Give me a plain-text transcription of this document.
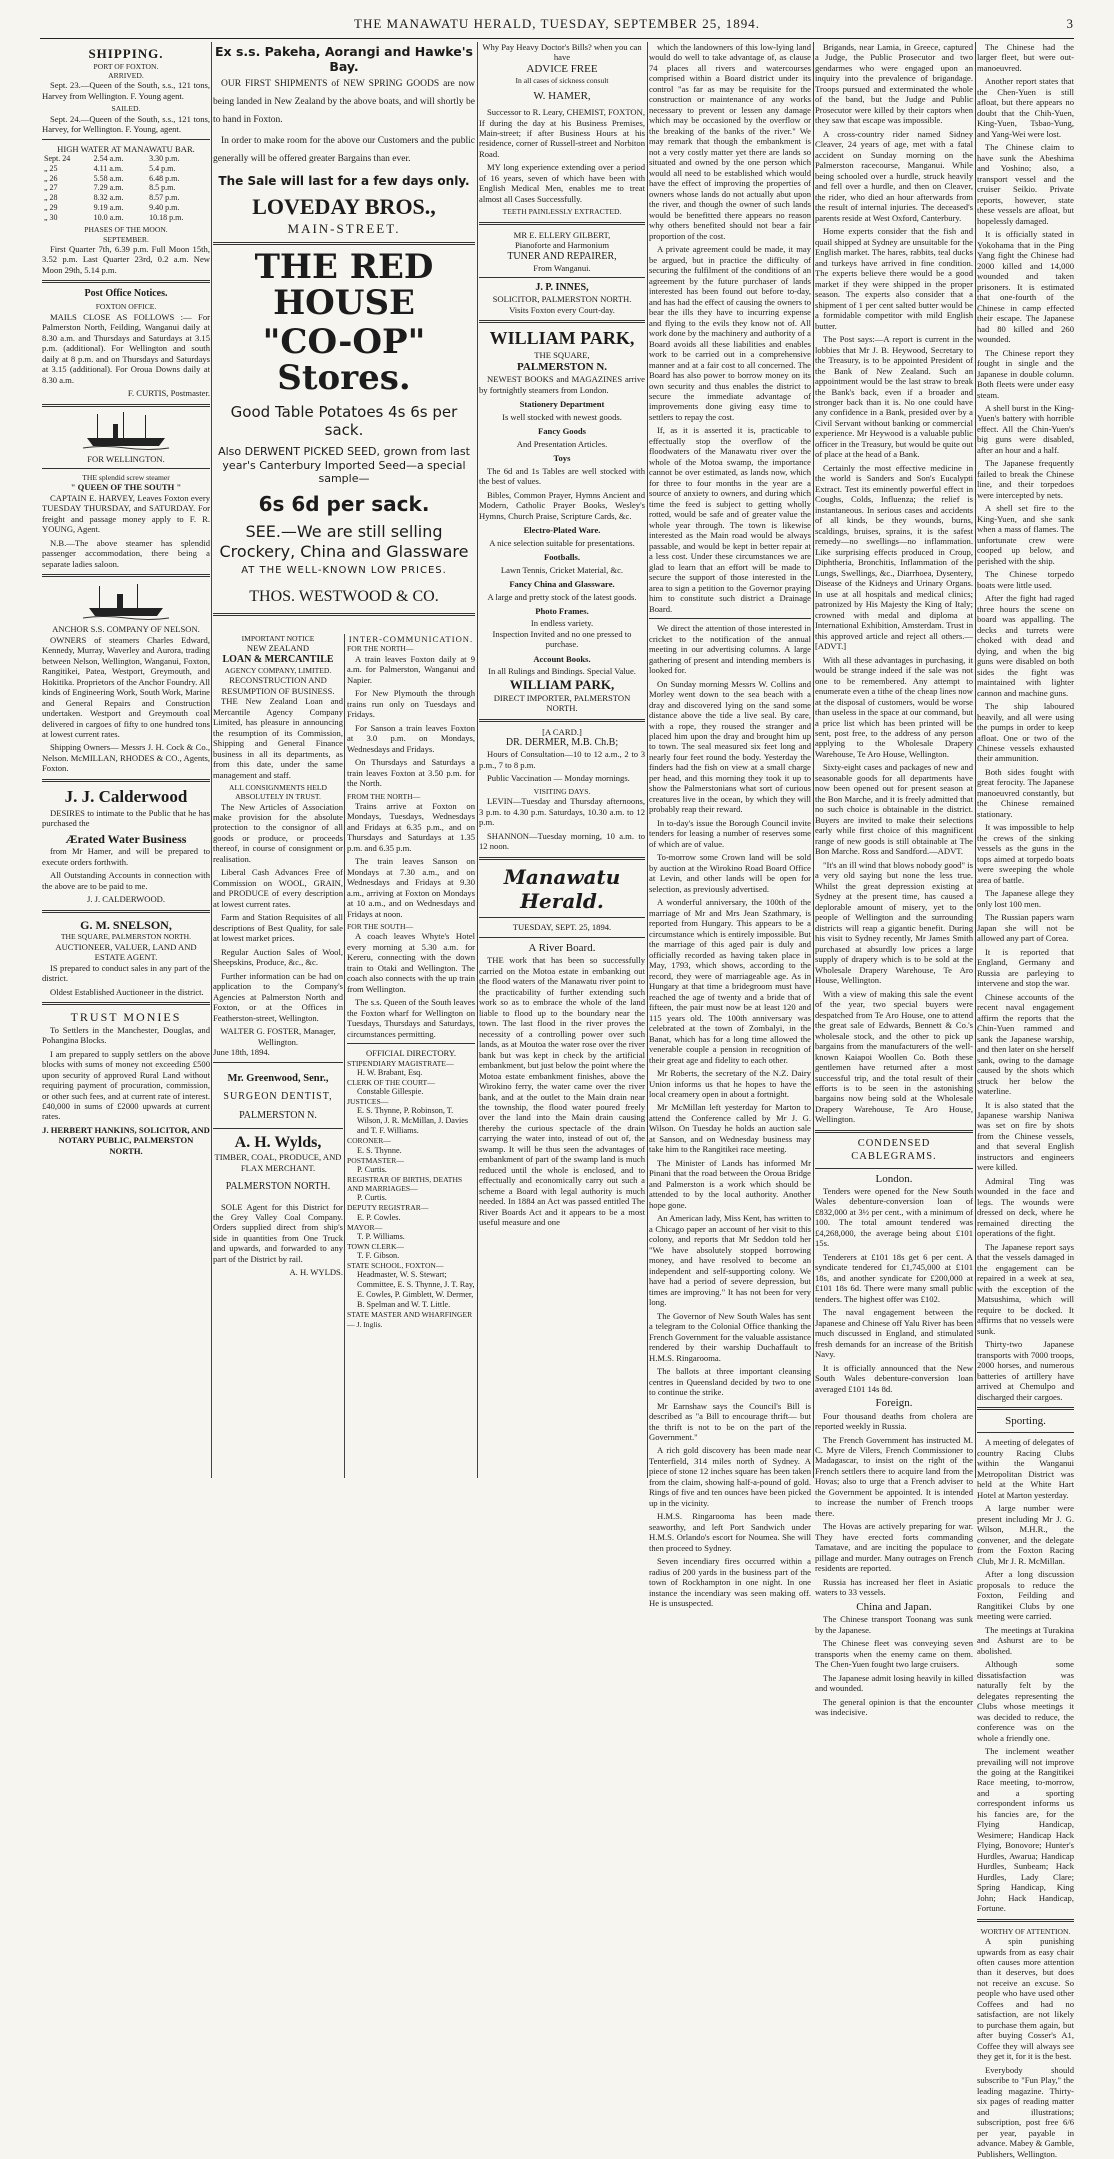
THE MANAWATU HERALD, TUESDAY, SEPTEMBER 25, 1894.	3
SHIPPING.
PORT OF FOXTON.
ARRIVED.

Sept. 23.—Queen of the South, s.s., 121 tons, Harvey from Wellington. F. Young agent.

SAILED.

Sept. 24.—Queen of the South, s.s., 121 tons, Harvey, for Wellington. F. Young, agent.

HIGH WATER AT MANAWATU BAR.
Sept. 24	2.54 a.m.	3.30 p.m.
„ 25	4.11 a.m.	5.4 p.m.
„ 26	5.58 a.m.	6.48 p.m.
„ 27	7.29 a.m.	8.5 p.m.
„ 28	8.32 a.m.	8.57 p.m.
„ 29	9.19 a.m.	9.40 p.m.
„ 30	10.0 a.m.	10.18 p.m.
PHASES OF THE MOON.
SEPTEMBER.

First Quarter 7th, 6.39 p.m. Full Moon 15th, 3.52 p.m. Last Quarter 23rd, 0.2 a.m. New Moon 29th, 5.14 p.m.

Post Office Notices.
FOXTON OFFICE.

MAILS CLOSE AS FOLLOWS :— For Palmerston North, Feilding, Wanganui daily at 8.30 a.m. and Thursdays and Saturdays at 3.15 p.m. (additional). For Wellington and south daily at 8 p.m. and on Thursdays and Saturdays at 3.15 (additional). For Oroua Downs daily at 8.30 a.m.

F. CURTIS, Postmaster.
FOR WELLINGTON.
THE splendid screw steamer
" QUEEN OF THE SOUTH "

CAPTAIN E. HARVEY, Leaves Foxton every TUESDAY THURSDAY, and SATURDAY. For freight and passage money apply to F. R. YOUNG, Agent.

N.B.—The above steamer has splendid passenger accommodation, there being a separate ladies saloon.

ANCHOR S.S. COMPANY OF NELSON.

OWNERS of steamers Charles Edward, Kennedy, Murray, Waverley and Aurora, trading between Nelson, Wellington, Wanganui, Foxton, Rangitikei, Patea, Westport, Greymouth, and Hokitika. Proprietors of the Anchor Foundry. All kinds of Engineering Work, South Work, Marine and General Repairs and Construction undertaken. Westport and Greymouth coal delivered in cargoes of fifty to one hundred tons at lowest current rates.

Shipping Owners— Messrs J. H. Cock & Co., Nelson. McMILLAN, RHODES & CO., Agents, Foxton.

J. J. Calderwood

DESIRES to intimate to the Public that he has purchased the

Ærated Water Business

from Mr Hamer, and will be prepared to execute orders forthwith.

All Outstanding Accounts in connection with the above are to be paid to me.

J. J. CALDERWOOD.
G. M. SNELSON,
THE SQUARE, PALMERSTON NORTH.
AUCTIONEER, VALUER, LAND AND ESTATE AGENT.

IS prepared to conduct sales in any part of the district.

Oldest Established Auctioneer in the district.

TRUST MONIES

To Settlers in the Manchester, Douglas, and Pohangina Blocks.

I am prepared to supply settlers on the above blocks with sums of money not exceeding £500 upon security of approved Rural Land without requiring payment of procuration, commission, or other such fees, and at current rate of interest. £40,000 in sums of £2000 upwards at current rates.

J. HERBERT HANKINS, SOLICITOR, AND NOTARY PUBLIC, PALMERSTON NORTH.
Ex s.s. Pakeha, Aorangi and Hawke's Bay.

OUR FIRST SHIPMENTS of NEW SPRING GOODS are now being landed in New Zealand by the above boats, and will shortly be to hand in Foxton.

In order to make room for the above our Customers and the public generally will be offered greater Bargains than ever.

The Sale will last for a few days only.
LOVEDAY BROS.,
MAIN-STREET.
THE RED HOUSE
"CO-OP" Stores.
Good Table Potatoes 4s 6s per sack.
Also DERWENT PICKED SEED, grown from last year's Canterbury Imported Seed—a special sample—
6s 6d per sack.
SEE.—We are still selling Crockery, China and Glassware
AT THE WELL-KNOWN LOW PRICES.
THOS. WESTWOOD & CO.
IMPORTANT NOTICE
NEW ZEALAND
LOAN & MERCANTILE
AGENCY COMPANY, LIMITED.
RECONSTRUCTION AND RESUMPTION OF BUSINESS.

THE New Zealand Loan and Mercantile Agency Company Limited, has pleasure in announcing the resumption of its Commission, Shipping and General Finance business in all its departments, as from this date, under the same management and staff.

ALL CONSIGNMENTS HELD ABSOLUTELY IN TRUST.

The New Articles of Association make provision for the absolute protection to the consignor of all goods or produce, or proceeds thereof, in course of consignment or realisation.

Liberal Cash Advances Free of Commission on WOOL, GRAIN, and PRODUCE of every description at lowest current rates.

Farm and Station Requisites of all descriptions of Best Quality, for sale at lowest market prices.

Regular Auction Sales of Wool, Sheepskins, Produce, &c., &c.

Further information can be had on application to the Company's Agencies at Palmerston North and Foxton, or at the Offices in Featherston-street, Wellington.

WALTER G. FOSTER, Manager, Wellington.
June 18th, 1894.
Mr. Greenwood, Senr.,
SURGEON DENTIST,
PALMERSTON N.
A. H. Wylds,
TIMBER, COAL, PRODUCE, AND FLAX MERCHANT.
PALMERSTON NORTH.

SOLE Agent for this District for the Grey Valley Coal Company. Orders supplied direct from ship's side in quantities from One Truck and upwards, and forwarded to any part of the District by rail.

A. H. WYLDS.
INTER-COMMUNICATION.
FOR THE NORTH—

A train leaves Foxton daily at 9 a.m. for Palmerston, Wanganui and Napier.

For New Plymouth the through trains run only on Tuesdays and Fridays.

For Sanson a train leaves Foxton at 3.0 p.m. on Mondays, Wednesdays and Fridays.

On Thursdays and Saturdays a train leaves Foxton at 3.50 p.m. for the North.

FROM THE NORTH—

Trains arrive at Foxton on Mondays, Tuesdays, Wednesdays and Fridays at 6.35 p.m., and on Thursdays and Saturdays at 1.35 p.m. and 6.35 p.m.

The train leaves Sanson on Mondays at 7.30 a.m., and on Wednesdays and Fridays at 9.30 a.m., arriving at Foxton on Mondays at 10 a.m., and on Wednesdays and Fridays at noon.

FOR THE SOUTH—

A coach leaves Whyte's Hotel every morning at 5.30 a.m. for Kereru, connecting with the down train to Otaki and Wellington. The coach also connects with the up train from Wellington.

The s.s. Queen of the South leaves the Foxton wharf for Wellington on Tuesdays, Thursdays and Saturdays, circumstances permitting.

OFFICIAL DIRECTORY.
STIPENDIARY MAGISTRATE—
H. W. Brabant, Esq.
CLERK OF THE COURT—
Constable Gillespie.
JUSTICES—
E. S. Thynne, P. Robinson, T. Wilson, J. R. McMillan, J. Davies and T. F. Williams.
CORONER—
E. S. Thynne.
POSTMASTER—
P. Curtis.
REGISTRAR OF BIRTHS, DEATHS AND MARRIAGES—
P. Curtis.
DEPUTY REGISTRAR—
E. P. Cowles.
MAYOR—
T. P. Williams.
TOWN CLERK—
T. F. Gibson.
STATE SCHOOL, FOXTON—
Headmaster, W. S. Stewart; Committee, E. S. Thynne, J. T. Ray, E. Cowles, P. Gimblett, W. Dermer, B. Spelman and W. T. Little.
STATE MASTER AND WHARFINGER— J. Inglis.
Why Pay Heavy Doctor's Bills? when you can have
ADVICE FREE
In all cases of sickness consult
W. HAMER,

Successor to R. Leary, CHEMIST, FOXTON, If during the day at his Business Premises, Main-street; if after Business Hours at his residence, corner of Russell-street and Norbiton Road.

MY long experience extending over a period of 16 years, seven of which have been with English Medical Men, enables me to treat almost all Cases Successfully.

TEETH PAINLESSLY EXTRACTED.
MR E. ELLERY GILBERT,
Pianoforte and Harmonium
TUNER AND REPAIRER,
From Wanganui.
J. P. INNES,
SOLICITOR, PALMERSTON NORTH.
Visits Foxton every Court-day.
WILLIAM PARK,
THE SQUARE,
PALMERSTON N.

NEWEST BOOKS and MAGAZINES arrive by fortnightly steamers from London.

Stationery Department
Is well stocked with newest goods.
Fancy Goods
And Presentation Articles.
Toys

The 6d and 1s Tables are well stocked with the best of values.

Bibles, Common Prayer, Hymns Ancient and Modern, Catholic Prayer Books, Wesley's Hymns, Church Praise, Scripture Cards, &c.

Electro-Plated Ware.
A nice selection suitable for presentations.
Footballs.
Lawn Tennis, Cricket Material, &c.
Fancy China and Glassware.
A large and pretty stock of the latest goods.
Photo Frames.
In endless variety.
Inspection Invited and no one pressed to purchase.
Account Books.
In all Rulings and Bindings. Special Value.
WILLIAM PARK,
DIRECT IMPORTER, PALMERSTON NORTH.
[A CARD.]
DR. DERMER, M.B. Ch.B;

Hours of Consultation—10 to 12 a.m., 2 to 3 p.m., 7 to 8 p.m.

Public Vaccination — Monday mornings.

VISITING DAYS.

LEVIN—Tuesday and Thursday afternoons, 3 p.m. to 4.30 p.m. Saturdays, 10.30 a.m. to 12 p.m.

SHANNON—Tuesday morning, 10 a.m. to 12 noon.

Manawatu Herald.
TUESDAY, SEPT. 25, 1894.
A River Board.

THE work that has been so successfully carried on the Motoa estate in embanking out the flood waters of the Manawatu river point to the practicability of further extending such work so as to embrace the whole of the land liable to flood up to the boundary near the town. The last flood in the river proves the necessity of a controlling power over such lands, as at Moutoa the water rose over the river bank but was kept in check by the artificial embankment, but just below the point where the Motoa estate embankment finishes, above the Wirokino ferry, the water came over the river bank, and at the outlet to the Main drain near the township, the flood water poured freely over the land into the Main drain causing thereby the curious spectacle of the drain carrying the water into, instead of out of, the swamp. It will be thus seen the advantages of embankment of part of the swamp land is much reduced until the whole is enclosed, and to effectually and economically carry out such a scheme a Board with legal authority is much needed. In 1884 an Act was passed entitled The River Boards Act and it appears to be a most useful measure and one

which the landowners of this low-lying land would do well to take advantage of, as clause 74 places all rivers and watercourses comprised within a Board district under its control "as far as may be requisite for the construction or maintenance of any works necessary to prevent or lessen any damage which may be occasioned by the overflow or the breaking of the banks of the river." We may remark that though the embankment is not a very costly matter yet there are lands so situated and owned by the one person which would all need to be established which would have the effect of improving the properties of owners whose lands do not actually abut upon the river, and though the owner of such lands would be benefitted there appears no reason why others benefited should not bear a fair proportion of the cost.

A private agreement could be made, it may be argued, but in practice the difficulty of securing the fulfilment of the conditions of an agreement by the future purchaser of lands interested has been found out before to-day, and has had the effect of causing the owners to bear the ills they have to incurring expense and flying to the evils they know not of. All work done by the machinery and authority of a Board avoids all these liabilities and enables work to be carried out in a comprehensive manner and at a fair cost to all concerned. The Board has also power to borrow money on its own security and thus enables the district to secure the immediate advantage of improvements done giving easy time to settlers to repay the cost.

If, as it is asserted it is, practicable to effectually stop the overflow of the floodwaters of the Manawatu river over the whole of the Motoa swamp, the importance cannot be over estimated, as lands now, which for three to four months in the year are a source of anxiety to owners, and during which time the feed is subject to getting wholly rotted, would be safe and of greater value the whole year through. The town is likewise interested as the Main road would be always passable, and would be kept in better repair at a less cost. Under these circumstances we are glad to learn that an effort will be made to secure the support of those interested in the area to sign a petition to the Governor praying him to constitute such district a Drainage Board.

We direct the attention of those interested in cricket to the notification of the annual meeting in our advertising columns. A large gathering of present and intending members is looked for.

On Sunday morning Messrs W. Collins and Morley went down to the sea beach with a dray and discovered lying on the sand some distance above the tide a live seal. By care, with a rope, they roused the stranger and placed him upon the dray and brought him up to town. The seal measured six feet long and nearly four feet round the body. Yesterday the finders had the fish on view at a small charge per head, and this morning they took it up to show the Palmerstonians what sort of curious creatures live in the ocean, by which they will probably reap their reward.

In to-day's issue the Borough Council invite tenders for leasing a number of reserves some of which are of value.

To-morrow some Crown land will be sold by auction at the Wirokino Road Board Office at Levin, and other lands will be open for selection, as previously advertised.

A wonderful anniversary, the 100th of the marriage of Mr and Mrs Jean Szathmary, is reported from Hungary. This appears to be a circumstance which is entirely impossible. But the marriage of this aged pair is duly and officially recorded as having taken place in May, 1793, which shows, according to the record, they were of marriageable age. As in Hungary at that time a bridegroom must have reached the age of twenty and a bride that of fifteen, the pair must now be at least 120 and 115 years old. The 100th anniversary was celebrated at the town of Zombalyi, in the Banat, which has for a long time allowed the venerable couple a pension in recognition of their great age and fidelity to each other.

Mr Roberts, the secretary of the N.Z. Dairy Union informs us that he hopes to have the local creamery open in about a fortnight.

Mr McMillan left yesterday for Marton to attend the Conference called by Mr J. G. Wilson. On Tuesday he holds an auction sale at Sanson, and on Wednesday business may take him to the Rangitikei race meeting.

The Minister of Lands has informed Mr Pinani that the road between the Oroua Bridge and Palmerston is a work which should be attended to by the local authority. Another hope gone.

An American lady, Miss Kent, has written to a Chicago paper an account of her visit to this colony, and reports that Mr Seddon told her "We have absolutely stopped borrowing money, and have resolved to become an independent and self-supporting colony. We have had a period of severe depression, but times are improving." It has not been for very long.

The Governor of New South Wales has sent a telegram to the Colonial Office thanking the French Government for the valuable assistance rendered by their warship Duchaffault to H.M.S. Ringarooma.

The ballots at three important cleansing centres in Queensland decided by two to one to continue the strike.

Mr Earnshaw says the Council's Bill is described as "a Bill to encourage thrift— but the thrift is not to be on the part of the Government."

A rich gold discovery has been made near Tenterfield, 314 miles north of Sydney. A piece of stone 12 inches square has been taken from the claim, showing half-a-pound of gold. Rings of five and ten ounces have been picked up in the vicinity.

H.M.S. Ringarooma has been made seaworthy, and left Port Sandwich under H.M.S. Orlando's escort for Noumea. She will then proceed to Sydney.

Seven incendiary fires occurred within a radius of 200 yards in the business part of the town of Rockhampton in one night. In one instance the incendiary was seen making off. He is unsuspected.

Brigands, near Lamia, in Greece, captured a Judge, the Public Prosecutor and two gendarmes who were engaged upon an inquiry into the prevalence of brigandage. Troops pursued and exterminated the whole of the band, but the Judge and Public Prosecutor were killed by their captors when they saw that escape was impossible.

A cross-country rider named Sidney Cleaver, 24 years of age, met with a fatal accident on Sunday morning on the Palmerston racecourse, Manganui. While being schooled over a hurdle, struck heavily and fell over a hurdle, and then on Cleaver, the rider, who died an hour afterwards from the result of internal injuries. The deceased's parents reside at West Oxford, Canterbury.

Home experts consider that the fish and quail shipped at Sydney are unsuitable for the English market. The hares, rabbits, teal ducks and turkeys have arrived in fine condition. The experts believe there would be a good market if they were shipped in the proper season. The experts also consider that a shipment of 1 per cent salted butter would be a formidable competitor with mild English butter.

The Post says:—A report is current in the lobbies that Mr J. B. Heywood, Secretary to the Treasury, is to be appointed President of the Bank of New Zealand. Such an appointment would be the last straw to break the Bank's back, even if a broader and stronger back than it is. No one could have any confidence in a Bank, presided over by a Civil Servant without banking or commercial experience. Mr Heywood is a valuable public officer in the Treasury, but would be quite out of place at the head of a Bank.

Certainly the most effective medicine in the world is Sanders and Son's Eucalypti Extract. Test its eminently powerful effect in Coughs, Colds, Influenza; the relief is instantaneous. In serious cases and accidents of all kinds, be they wounds, burns, scaldings, bruises, sprains, it is the safest remedy—no swellings—no inflammation. Like surprising effects produced in Croup, Diphtheria, Bronchitis, Inflammation of the Lungs, Swellings, &c., Diarrhoea, Dysentery, Disease of the Kidneys and Urinary Organs. In use at all hospitals and medical clinics; patronized by His Majesty the King of Italy; crowned with medal and diploma at International Exhibition, Amsterdam. Trust in this approved article and reject all others.—[ADVT.]

With all these advantages in purchasing, it would be strange indeed if the sale was not one to be remembered. Any attempt to enumerate even a tithe of the cheap lines now at the disposal of customers, would be worse than useless in the space at our command, but a price list which has been printed will be sent, post free, to the address of any person applying to the Wholesale Drapery Warehouse, Te Aro House, Wellington.

Sixty-eight cases and packages of new and seasonable goods for all departments have now been opened out for present season at the Bon Marche, and it is freely admitted that no such choice is obtainable in the district. Buyers are invited to make their selections early while first choice of this magnificent range of new goods is still obtainable at The Bon Marche. Ross and Sandford.—ADVT.

"It's an ill wind that blows nobody good" is a very old saying but none the less true. Whilst the great depression existing at Sydney at the present time, has caused a deplorable amount of misery, yet to the people of Wellington and the surrounding districts will reap a gigantic benefit. During his visit to Sydney recently, Mr James Smith purchased at absurdly low prices a large supply of drapery which is to be sold at the Wholesale Drapery Warehouse, Te Aro House, Wellington.

With a view of making this sale the event of the year, two special buyers were despatched from Te Aro House, one to attend the great sale of Edwards, Bennett & Co.'s wholesale stock, and the other to pick up bargains from the manufacturers of the well-known Kaiapoi Woollen Co. Both these gentlemen have returned after a most successful trip, and the total result of their efforts is to be seen in the astonishing bargains now being sold at the Wholesale Drapery Warehouse, Te Aro House, Wellington.

CONDENSED CABLEGRAMS.
London.

Tenders were opened for the New South Wales debenture-conversion loan of £832,000 at 3½ per cent., with a minimum of 100. The total amount tendered was £4,268,000, the average being about £101 15s.

Tenderers at £101 18s get 6 per cent. A syndicate tendered for £1,745,000 at £101 18s, and another syndicate for £200,000 at £101 18s 6d. There were many small public tenders. The highest offer was £102.

The naval engagement between the Japanese and Chinese off Yalu River has been much discussed in England, and stimulated fresh demands for an increase of the British Navy.

It is officially announced that the New South Wales debenture-conversion loan averaged £101 14s 8d.

Foreign.

Four thousand deaths from cholera are reported weekly in Russia.

The French Government has instructed M. C. Myre de Vilers, French Commissioner to Madagascar, to insist on the right of the French settlers there to acquire land from the Hovas; also to urge that a French adviser to the Government be appointed. It is intended to increase the number of French troops there.

The Hovas are actively preparing for war. They have erected forts commanding Tamatave, and are inciting the populace to pillage and murder. Many outrages on French residents are reported.

Russia has increased her fleet in Asiatic waters to 33 vessels.

China and Japan.

The Chinese transport Toonang was sunk by the Japanese.

The Chinese fleet was conveying seven transports when the enemy came on them. The Chen-Yuen fought two large cruisers.

The Japanese admit losing heavily in killed and wounded.

The general opinion is that the encounter was indecisive.

The Chinese had the larger fleet, but were out-manoeuvred.

Another report states that the Chen-Yuen is still afloat, but there appears no doubt that the Chih-Yuen, King-Yuen, Tsbao-Yung, and Yang-Wei were lost.

The Chinese claim to have sunk the Abeshima and Yoshino; also, a transport vessel and the cruiser Seikio. Private reports, however, state these vessels are afloat, but hopelessly damaged.

It is officially stated in Yokohama that in the Ping Yang fight the Chinese had 2000 killed and 14,000 wounded and taken prisoners. It is estimated that one-fourth of the Chinese in camp effected their escape. The Japanese had 80 killed and 260 wounded.

The Chinese report they fought in single and the Japanese in double column. Both fleets were under easy steam.

A shell burst in the King-Yuen's battery with horrible effect. All the Chin-Yuen's big guns were disabled, after an hour and a half.

The Japanese frequently failed to break the Chinese line, and their torpedoes were intercepted by nets.

A shell set fire to the King-Yuen, and she sank when a mass of flames. The unfortunate crew were cooped up below, and perished with the ship.

The Chinese torpedo boats were little used.

After the fight had raged three hours the scene on board was appalling. The decks and turrets were choked with dead and dying, and when the big guns were disabled on both sides the fight was maintained with lighter cannon and machine guns.

The ship laboured heavily, and all were using the pumps in order to keep afloat. One or two of the Chinese vessels exhausted their ammunition.

Both sides fought with great ferocity. The Japanese manoeuvred constantly, but the Chinese remained stationary.

It was impossible to help the crews of the sinking vessels as the guns in the tops aimed at torpedo boats were sweeping the whole area of battle.

The Japanese allege they only lost 100 men.

The Russian papers warn Japan she will not be allowed any part of Corea.

It is reported that England, Germany and Russia are parleying to intervene and stop the war.

Chinese accounts of the recent naval engagement affirm the reports that the Chin-Yuen rammed and sank the Japanese warship, and then later on she herself sank, owing to the damage caused by the shots which struck her below the waterline.

It is also stated that the Japanese warship Naniwa was set on fire by shots from the Chinese vessels, and that several English instructors and engineers were killed.

Admiral Ting was wounded in the face and legs. The wounds were dressed on deck, where he remained directing the operations of the fight.

The Japanese report says that the vessels damaged in the engagement can be repaired in a week at sea, with the exception of the Matsushima, which will require to be docked. It affirms that no vessels were sunk.

Thirty-two Japanese transports with 7000 troops, 2000 horses, and numerous batteries of artillery have arrived at Chemulpo and discharged their cargoes.

Sporting.

A meeting of delegates of country Racing Clubs within the Wanganui Metropolitan District was held at the White Hart Hotel at Marton yesterday.

A large number were present including Mr J. G. Wilson, M.H.R., the convener, and the delegate from the Foxton Racing Club, Mr J. R. McMillan.

After a long discussion proposals to reduce the Foxton, Feilding and Rangitikei Clubs by one meeting were carried.

The meetings at Turakina and Ashurst are to be abolished.

Although some dissatisfaction was naturally felt by the delegates representing the Clubs whose meetings it was decided to reduce, the conference was on the whole a friendly one.

The inclement weather prevailing will not improve the going at the Rangitikei Race meeting, to-morrow, and a sporting correspondent informs us his fancies are, for the Flying Handicap, Wesimere; Handicap Hack Flying, Bonovore; Hunter's Hurdles, Awarua; Handicap Hurdles, Sunbeam; Hack Hurdles, Lady Clare; Spring Handicap, King John; Hack Handicap, Fortune.

WORTHY OF ATTENTION.

A spin punishing upwards from as easy chair often causes more attention than it deserves, but does not receive an excuse. So people who have used other Coffees and had no satisfaction, are not likely to purchase them again, but after buying Cosser's A1, Coffee they will always see they get it, for it is the best.

Everybody should subscribe to "Fun Play," the leading magazine. Thirty-six pages of reading matter and illustrations; subscription, post free 6/6 per year, payable in advance. Mabey & Gamble, Publishers, Wellington.
